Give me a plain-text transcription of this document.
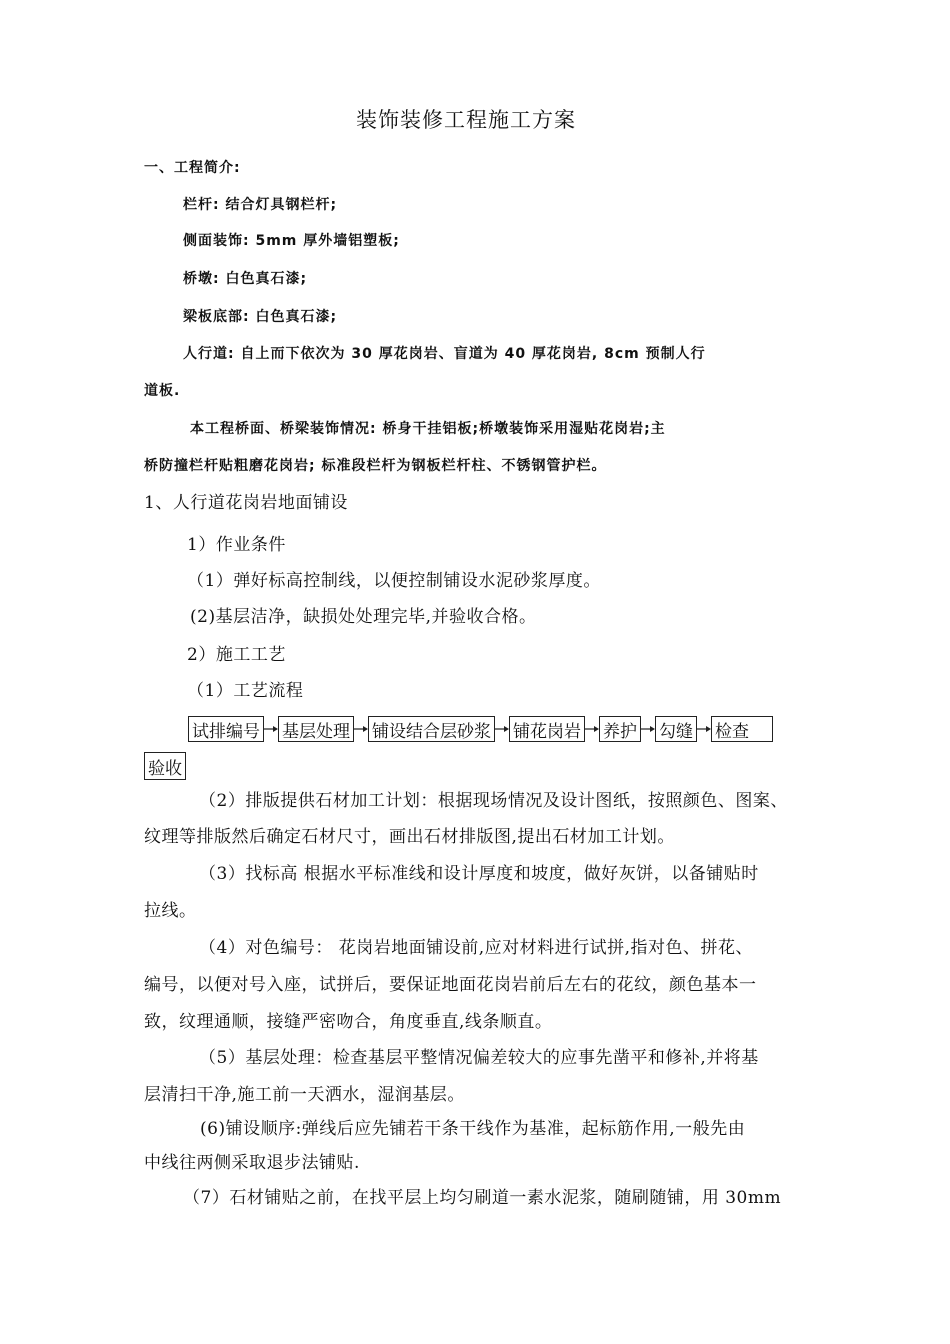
装饰装修工程施工方案
一、工程简介:
栏杆: 结合灯具钢栏杆;
侧面装饰: 5mm 厚外墙铝塑板;
桥墩: 白色真石漆;
梁板底部: 白色真石漆;
人行道: 自上而下依次为 30 厚花岗岩、盲道为 40 厚花岗岩, 8cm 预制人行
道板.
本工程桥面、桥梁装饰情况: 桥身干挂铝板;桥墩装饰采用湿贴花岗岩;主
桥防撞栏杆贴粗磨花岗岩; 标准段栏杆为钢板栏杆柱、不锈钢管护栏。
1、人行道花岗岩地面铺设
1）作业条件
（1）弹好标高控制线，以便控制铺设水泥砂浆厚度。
(2)基层洁净，缺损处处理完毕,并验收合格。
2）施工工艺
（1）工艺流程
试排编号 基层处理 铺设结合层砂浆 铺花岗岩 养护 勾缝 检查
验收
（2）排版提供石材加工计划：根据现场情况及设计图纸，按照颜色、图案、
纹理等排版然后确定石材尺寸，画出石材排版图,提出石材加工计划。
（3）找标高 根据水平标准线和设计厚度和坡度，做好灰饼，以备铺贴时
拉线。
（4）对色编号： 花岗岩地面铺设前,应对材料进行试拼,指对色、拼花、
编号，以便对号入座，试拼后，要保证地面花岗岩前后左右的花纹，颜色基本一
致，纹理通顺，接缝严密吻合，角度垂直,线条顺直。
（5）基层处理：检查基层平整情况偏差较大的应事先凿平和修补,并将基
层清扫干净,施工前一天洒水，湿润基层。
(6)铺设顺序:弹线后应先铺若干条干线作为基准，起标筋作用,一般先由
中线往两侧采取退步法铺贴.
（7）石材铺贴之前，在找平层上均匀刷道一素水泥浆，随刷随铺，用 30mm
